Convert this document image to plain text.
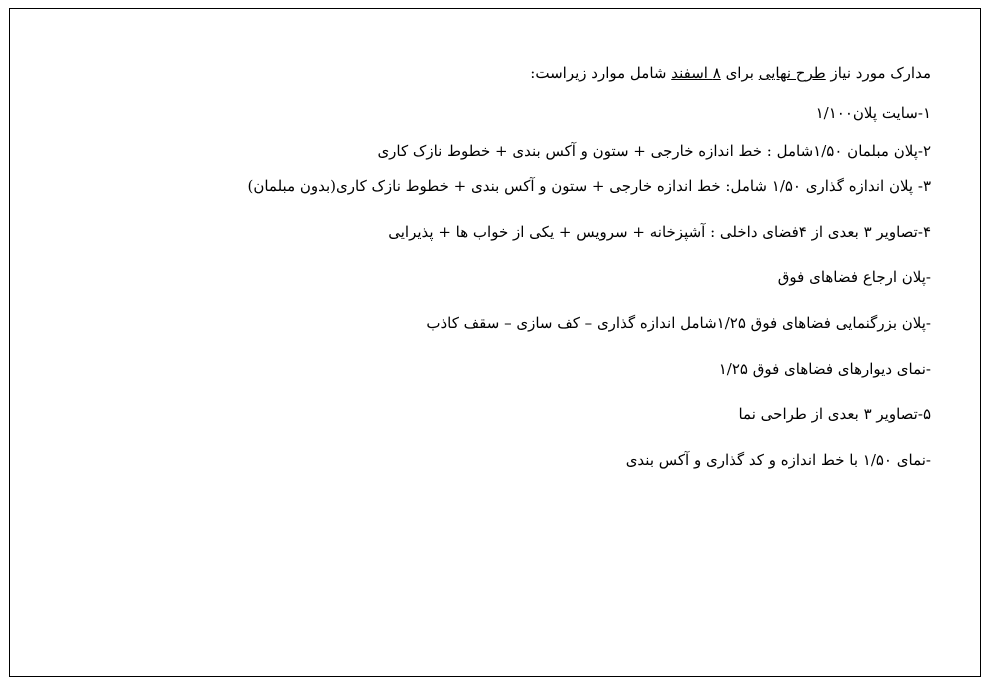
مدارک مورد نیاز طرح نهایی برای ۸ اسفند شامل موارد زیراست:
۱-سایت پلان۱/۱۰۰
۲-پلان مبلمان ۱/۵۰شامل : خط اندازه خارجی + ستون و آکس بندی + خطوط نازک کاری
۳- پلان اندازه گذاری ۱/۵۰ شامل: خط اندازه خارجی + ستون و آکس بندی + خطوط نازک کاری(بدون مبلمان)
۴-تصاویر ۳ بعدی از ۴فضای داخلی : آشپزخانه + سرویس + یکی از خواب ها + پذیرایی
-پلان ارجاع فضاهای فوق
-پلان بزرگنمایی فضاهای فوق ۱/۲۵شامل اندازه گذاری – کف سازی – سقف کاذب
-نمای دیوارهای فضاهای فوق ۱/۲۵
۵-تصاویر ۳ بعدی از طراحی نما
-نمای ۱/۵۰ با خط اندازه و کد گذاری و آکس بندی
